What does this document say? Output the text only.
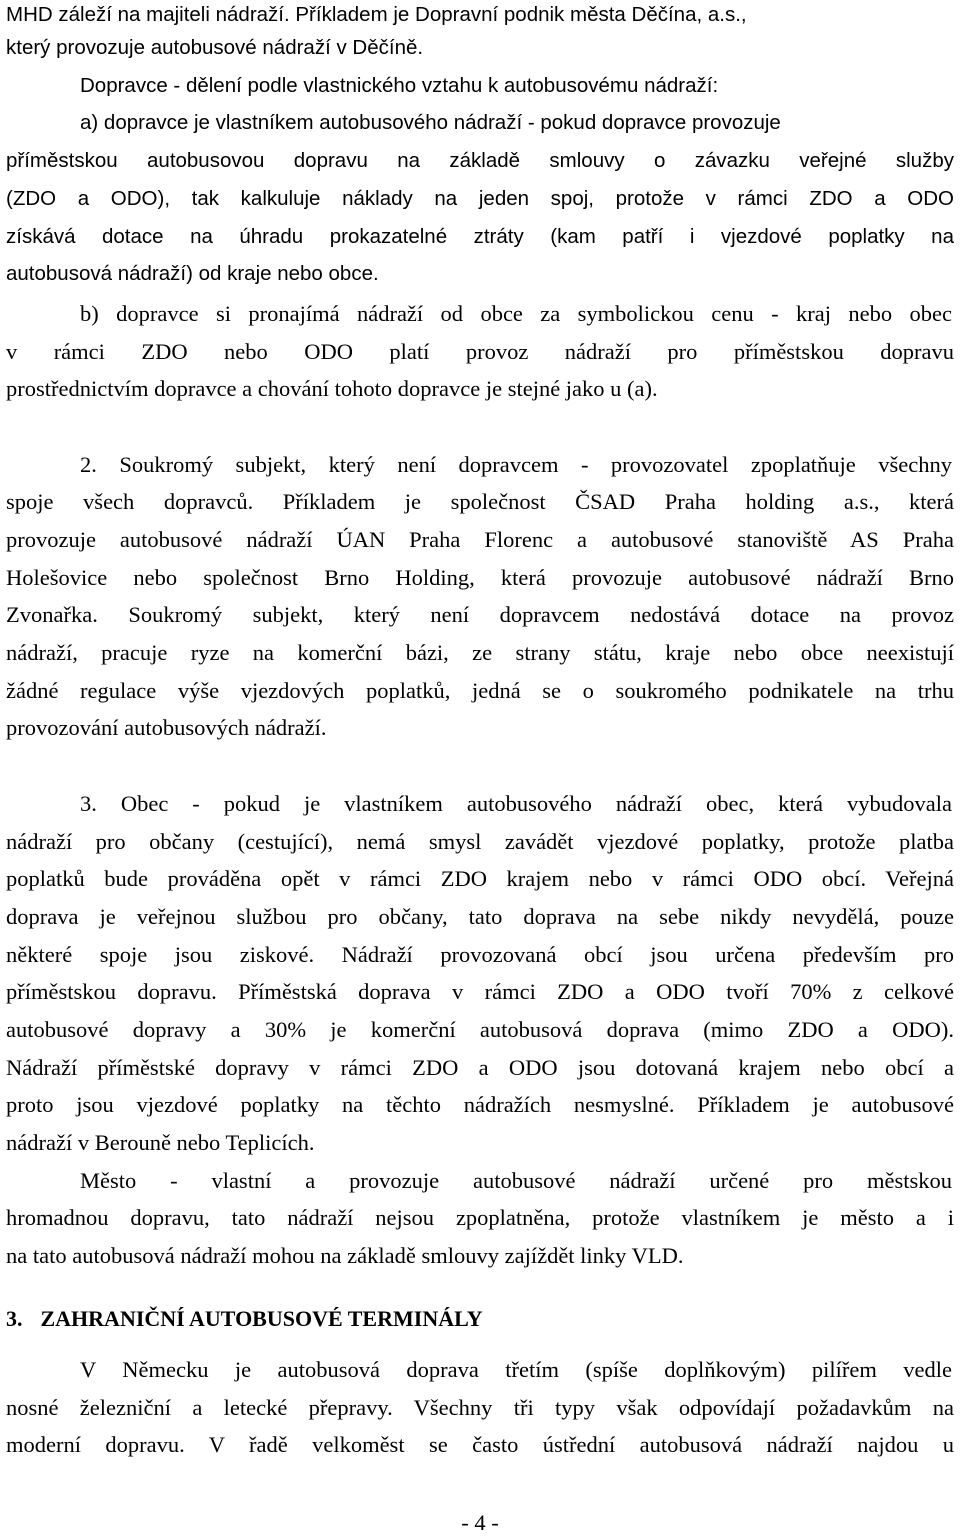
MHD záleží na majiteli nádraží. Příkladem je Dopravní podnik města Děčína, a.s.,
který provozuje autobusové nádraží v Děčíně.
Dopravce - dělení podle vlastnického vztahu k autobusovému nádraží:
a) dopravce je vlastníkem autobusového nádraží - pokud dopravce provozuje
příměstskou autobusovou dopravu na základě smlouvy o závazku veřejné služby
(ZDO a ODO), tak kalkuluje náklady na jeden spoj, protože v rámci ZDO a ODO
získává dotace na úhradu prokazatelné ztráty (kam patří i vjezdové poplatky na
autobusová nádraží) od kraje nebo obce.
b) dopravce si pronajímá nádraží od obce za symbolickou cenu - kraj nebo obec
v rámci ZDO nebo ODO platí provoz nádraží pro příměstskou dopravu
prostřednictvím dopravce a chování tohoto dopravce je stejné jako u (a).
2. Soukromý subjekt, který není dopravcem - provozovatel zpoplatňuje všechny
spoje všech dopravců. Příkladem je společnost ČSAD Praha holding a.s., která
provozuje autobusové nádraží ÚAN Praha Florenc a autobusové stanoviště AS Praha
Holešovice nebo společnost Brno Holding, která provozuje autobusové nádraží Brno
Zvonařka. Soukromý subjekt, který není dopravcem nedostává dotace na provoz
nádraží, pracuje ryze na komerční bázi, ze strany státu, kraje nebo obce neexistují
žádné regulace výše vjezdových poplatků, jedná se o soukromého podnikatele na trhu
provozování autobusových nádraží.
3. Obec - pokud je vlastníkem autobusového nádraží obec, která vybudovala
nádraží pro občany (cestující), nemá smysl zavádět vjezdové poplatky, protože platba
poplatků bude prováděna opět v rámci ZDO krajem nebo v rámci ODO obcí. Veřejná
doprava je veřejnou službou pro občany, tato doprava na sebe nikdy nevydělá, pouze
některé spoje jsou ziskové. Nádraží provozovaná obcí jsou určena především pro
příměstskou dopravu. Příměstská doprava v rámci ZDO a ODO tvoří 70% z celkové
autobusové dopravy a 30% je komerční autobusová doprava (mimo ZDO a ODO).
Nádraží příměstské dopravy v rámci ZDO a ODO jsou dotovaná krajem nebo obcí a
proto jsou vjezdové poplatky na těchto nádražích nesmyslné. Příkladem je autobusové
nádraží v Berouně nebo Teplicích.
Město - vlastní a provozuje autobusové nádraží určené pro městskou
hromadnou dopravu, tato nádraží nejsou zpoplatněna, protože vlastníkem je město a i
na tato autobusová nádraží mohou na základě smlouvy zajíždět linky VLD.
V Německu je autobusová doprava třetím (spíše doplňkovým) pilířem vedle
nosné železniční a letecké přepravy. Všechny tři typy však odpovídají požadavkům na
moderní dopravu. V řadě velkoměst se často ústřední autobusová nádraží najdou u
3. ZAHRANIČNÍ AUTOBUSOVÉ TERMINÁLY
- 4 -
